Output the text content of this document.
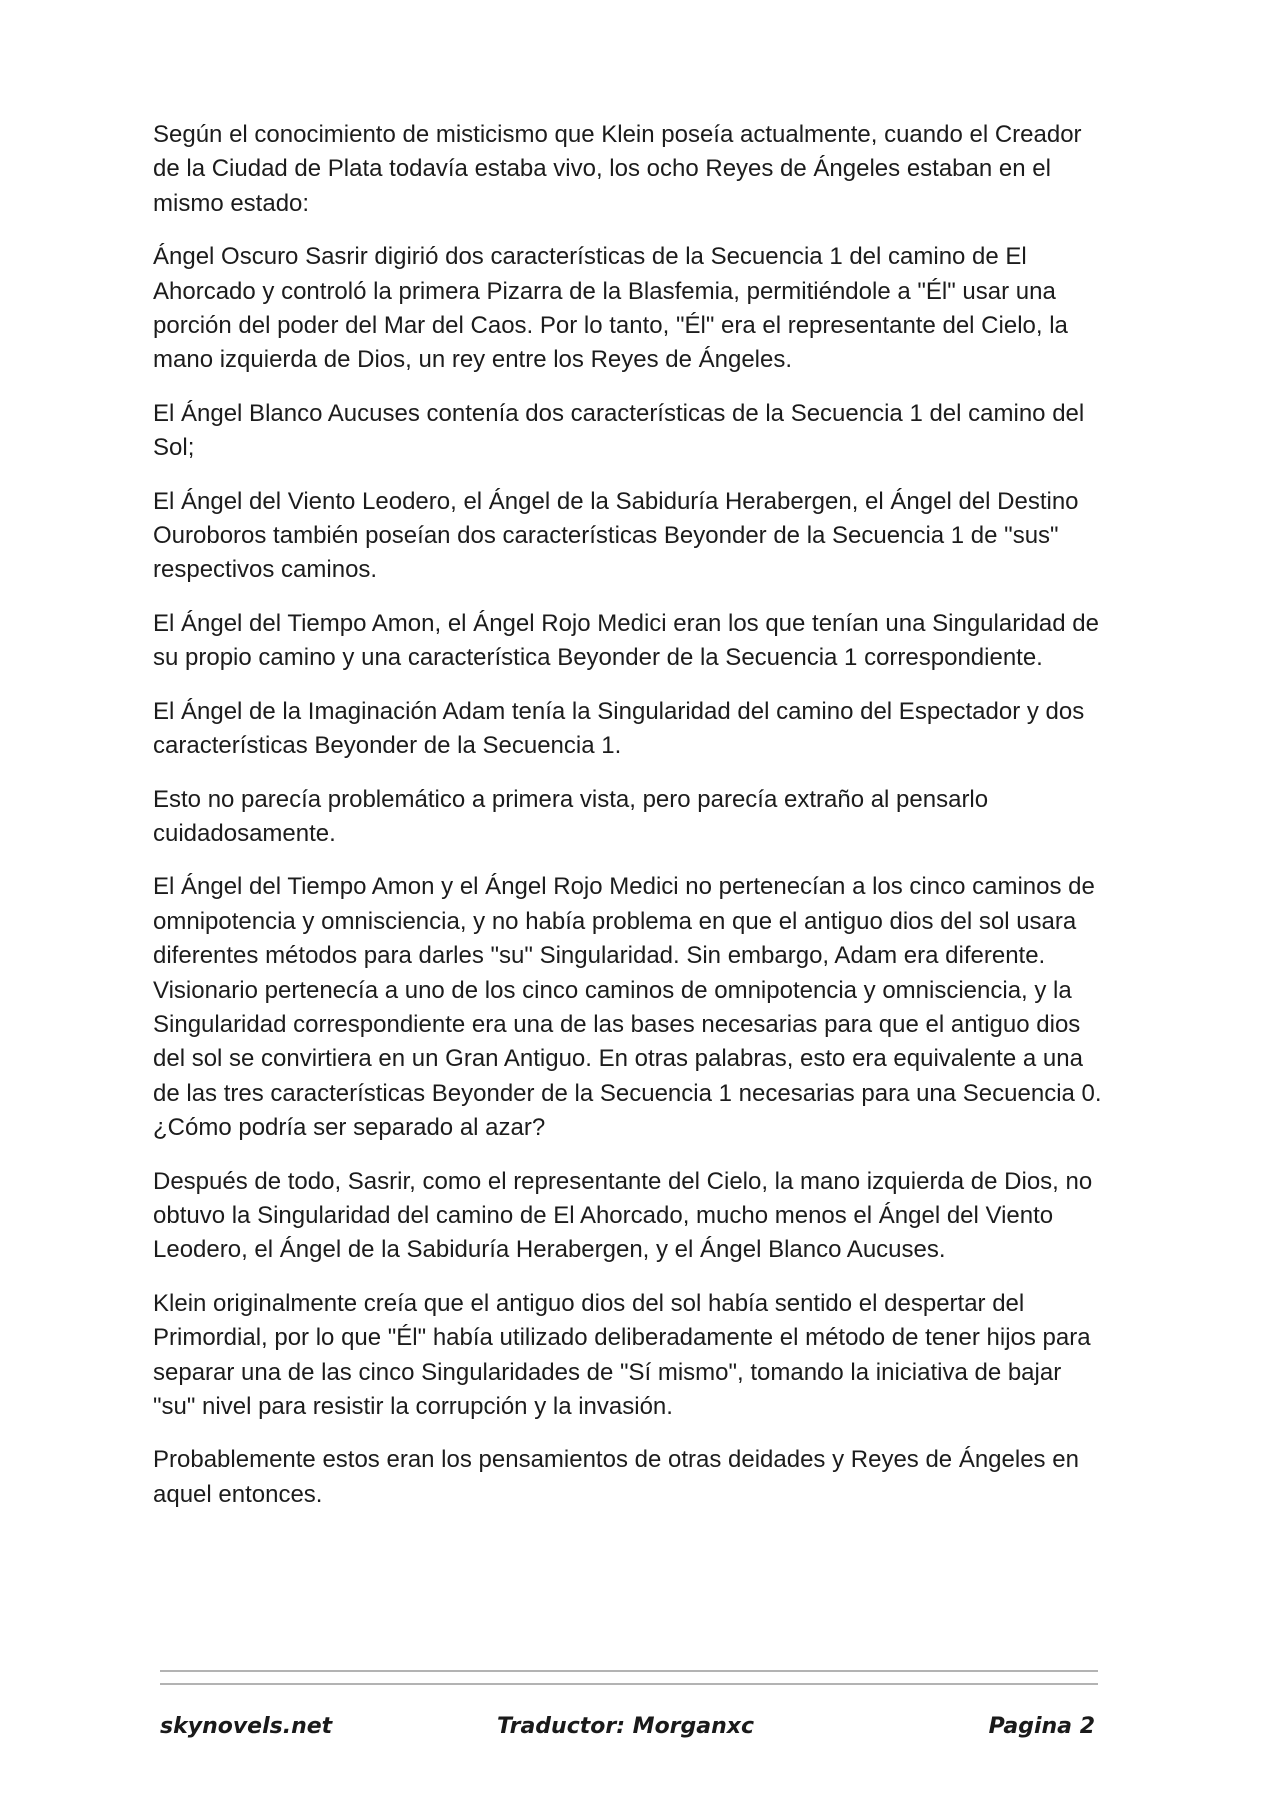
Según el conocimiento de misticismo que Klein poseía actualmente, cuando el Creador de la Ciudad de Plata todavía estaba vivo, los ocho Reyes de Ángeles estaban en el mismo estado:

Ángel Oscuro Sasrir digirió dos características de la Secuencia 1 del camino de El Ahorcado y controló la primera Pizarra de la Blasfemia, permitiéndole a "Él" usar una porción del poder del Mar del Caos. Por lo tanto, "Él" era el representante del Cielo, la mano izquierda de Dios, un rey entre los Reyes de Ángeles.

El Ángel Blanco Aucuses contenía dos características de la Secuencia 1 del camino del Sol;

El Ángel del Viento Leodero, el Ángel de la Sabiduría Herabergen, el Ángel del Destino Ouroboros también poseían dos características Beyonder de la Secuencia 1 de "sus" respectivos caminos.

El Ángel del Tiempo Amon, el Ángel Rojo Medici eran los que tenían una Singularidad de su propio camino y una característica Beyonder de la Secuencia 1 correspondiente.

El Ángel de la Imaginación Adam tenía la Singularidad del camino del Espectador y dos características Beyonder de la Secuencia 1.

Esto no parecía problemático a primera vista, pero parecía extraño al pensarlo cuidadosamente.

El Ángel del Tiempo Amon y el Ángel Rojo Medici no pertenecían a los cinco caminos de omnipotencia y omnisciencia, y no había problema en que el antiguo dios del sol usara diferentes métodos para darles "su" Singularidad. Sin embargo, Adam era diferente. Visionario pertenecía a uno de los cinco caminos de omnipotencia y omnisciencia, y la Singularidad correspondiente era una de las bases necesarias para que el antiguo dios del sol se convirtiera en un Gran Antiguo. En otras palabras, esto era equivalente a una de las tres características Beyonder de la Secuencia 1 necesarias para una Secuencia 0. ¿Cómo podría ser separado al azar?

Después de todo, Sasrir, como el representante del Cielo, la mano izquierda de Dios, no obtuvo la Singularidad del camino de El Ahorcado, mucho menos el Ángel del Viento Leodero, el Ángel de la Sabiduría Herabergen, y el Ángel Blanco Aucuses.

Klein originalmente creía que el antiguo dios del sol había sentido el despertar del Primordial, por lo que "Él" había utilizado deliberadamente el método de tener hijos para separar una de las cinco Singularidades de "Sí mismo", tomando la iniciativa de bajar "su" nivel para resistir la corrupción y la invasión.

Probablemente estos eran los pensamientos de otras deidades y Reyes de Ángeles en aquel entonces.

skynovels.net	Traductor: Morganxc	Pagina 2
